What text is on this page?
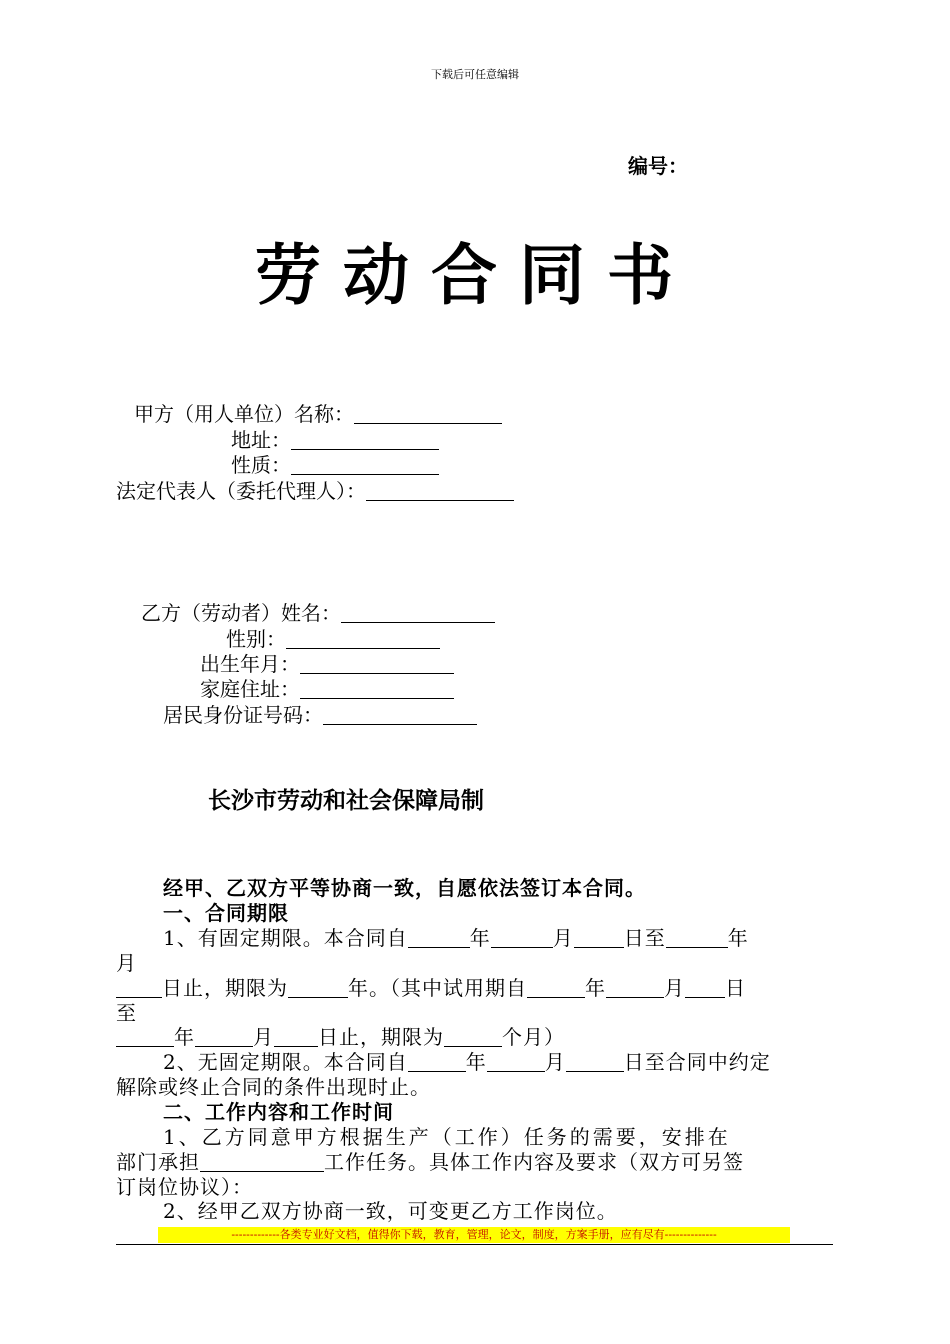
下载后可任意编辑
编号：
劳动合同书
甲方（用人单位）名称：
地址：
性质：
法定代表人（委托代理人）：
乙方（劳动者）姓名：
性别：
出生年月：
家庭住址：
居民身份证号码：
长沙市劳动和社会保障局制
经甲、乙双方平等协商一致，自愿依法签订本合同。
一、合同期限
1、有固定期限。本合同自	年	月	日至	年
月
日止，期限为	年。（其中试用期自	年	月 日
至
年	月 日止，期限为	个月）
2、无固定期限。本合同自	年	月	日至合同中约定
解除或终止合同的条件出现时止。
二、工作内容和工作时间
1、乙方同意甲方根据生产（工作）任务的需要，安排在
部门承担	工作任务。具体工作内容及要求（双方可另签
订岗位协议）：
2、经甲乙双方协商一致，可变更乙方工作岗位。
-------------各类专业好文档，值得你下载，教育，管理，论文，制度，方案手册，应有尽有--------------
